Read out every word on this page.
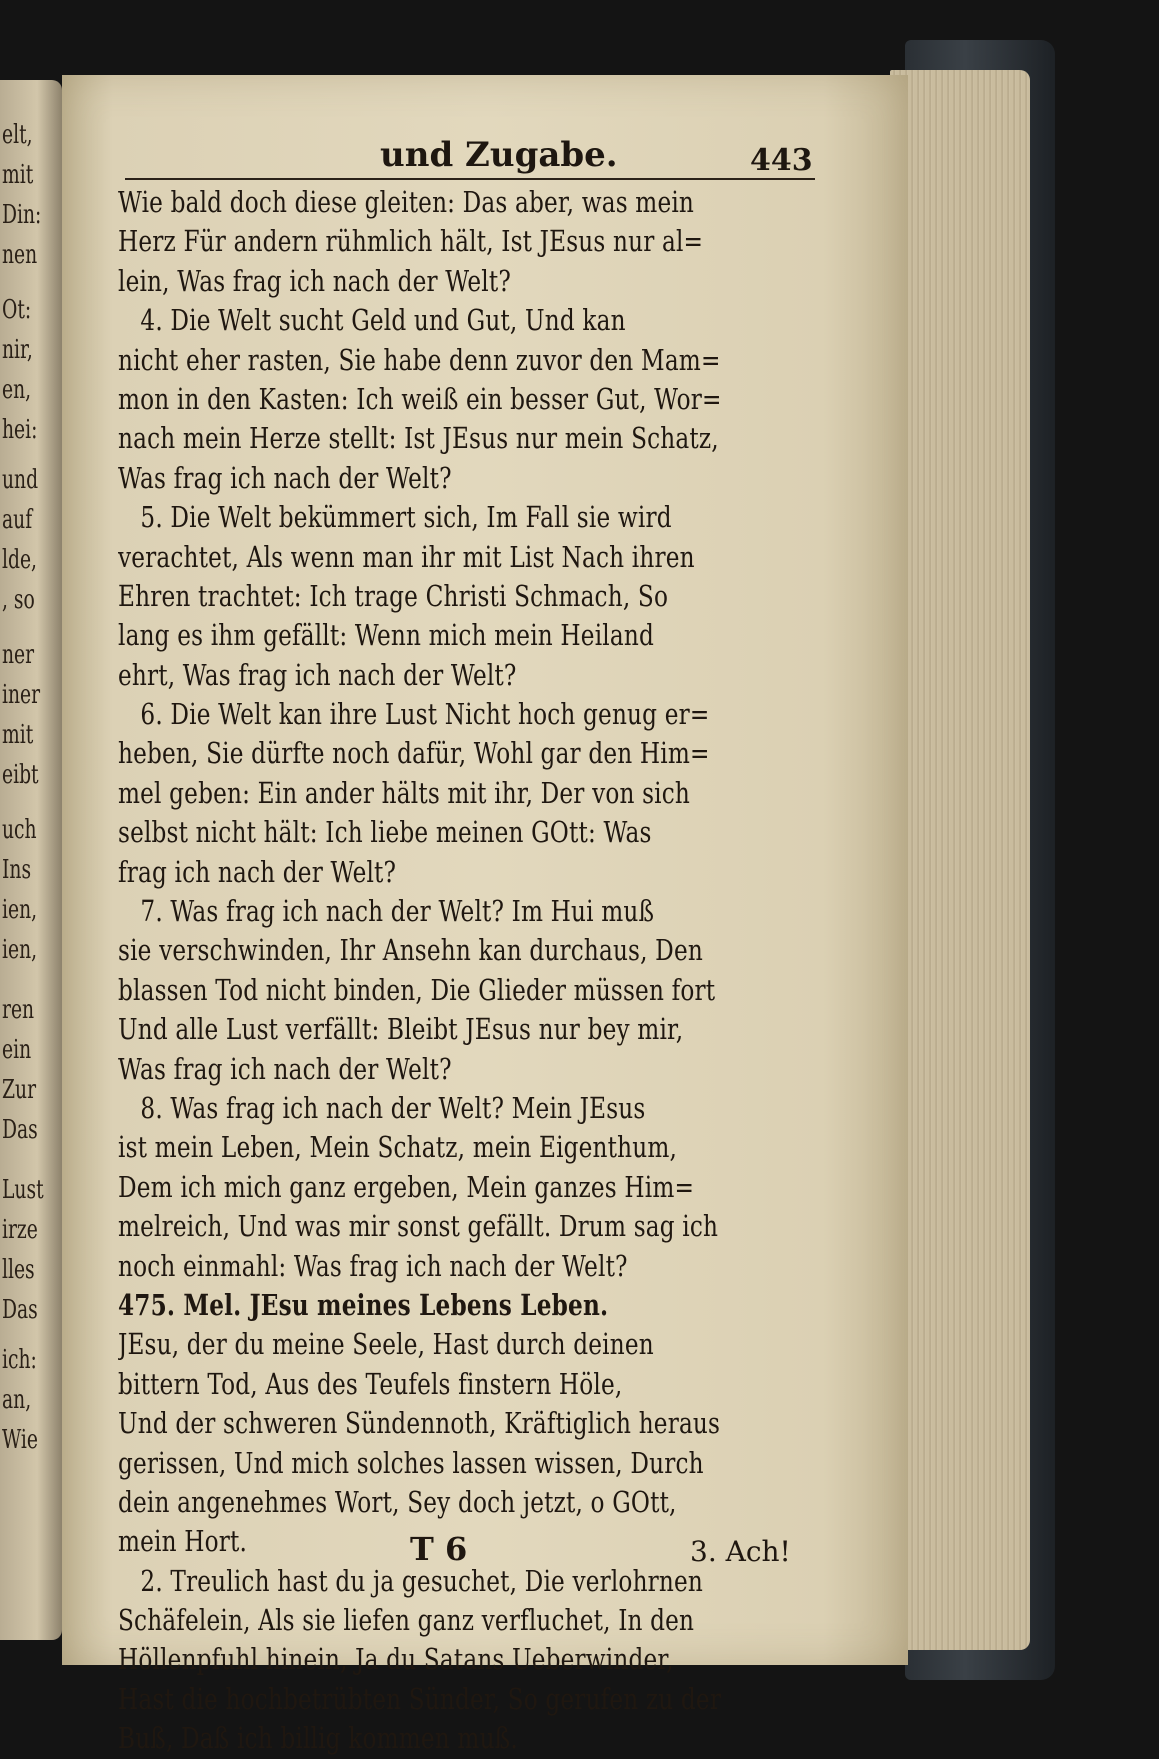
elt,
mit
Din:
nen
Ot:
nir,
en,
hei:
und
auf
lde,
, so
ner
iner
mit
eibt
uch
Ins
ien,
ien,
ren
ein
Zur
Das
Lust
irze
lles
Das
ich:
an,
Wie
und Zugabe.	443
Wie bald doch diese gleiten: Das aber, was mein
Herz Für andern rühmlich hält, Ist JEsus nur al=
lein, Was frag ich nach der Welt?
4. Die Welt sucht Geld und Gut, Und kan
nicht eher rasten, Sie habe denn zuvor den Mam=
mon in den Kasten: Ich weiß ein besser Gut, Wor=
nach mein Herze stellt: Ist JEsus nur mein Schatz,
Was frag ich nach der Welt?
5. Die Welt bekümmert sich, Im Fall sie wird
verachtet, Als wenn man ihr mit List Nach ihren
Ehren trachtet: Ich trage Christi Schmach, So
lang es ihm gefällt: Wenn mich mein Heiland
ehrt, Was frag ich nach der Welt?
6. Die Welt kan ihre Lust Nicht hoch genug er=
heben, Sie dürfte noch dafür, Wohl gar den Him=
mel geben: Ein ander hälts mit ihr, Der von sich
selbst nicht hält: Ich liebe meinen GOtt: Was
frag ich nach der Welt?
7. Was frag ich nach der Welt? Im Hui muß
sie verschwinden, Ihr Ansehn kan durchaus, Den
blassen Tod nicht binden, Die Glieder müssen fort
Und alle Lust verfällt: Bleibt JEsus nur bey mir,
Was frag ich nach der Welt?
8. Was frag ich nach der Welt? Mein JEsus
ist mein Leben, Mein Schatz, mein Eigenthum,
Dem ich mich ganz ergeben, Mein ganzes Him=
melreich, Und was mir sonst gefällt. Drum sag ich
noch einmahl: Was frag ich nach der Welt?
475. Mel. JEsu meines Lebens Leben.
JEsu, der du meine Seele, Hast durch deinen
bittern Tod, Aus des Teufels finstern Höle,
Und der schweren Sündennoth, Kräftiglich heraus
gerissen, Und mich solches lassen wissen, Durch
dein angenehmes Wort, Sey doch jetzt, o GOtt,
mein Hort.
2. Treulich hast du ja gesuchet, Die verlohrnen
Schäfelein, Als sie liefen ganz verfluchet, In den
Höllenpfuhl hinein, Ja du Satans Ueberwinder,
Hast die hochbetrübten Sünder, So gerufen zu der
Buß, Daß ich billig kommen muß.
T 6	3. Ach!
